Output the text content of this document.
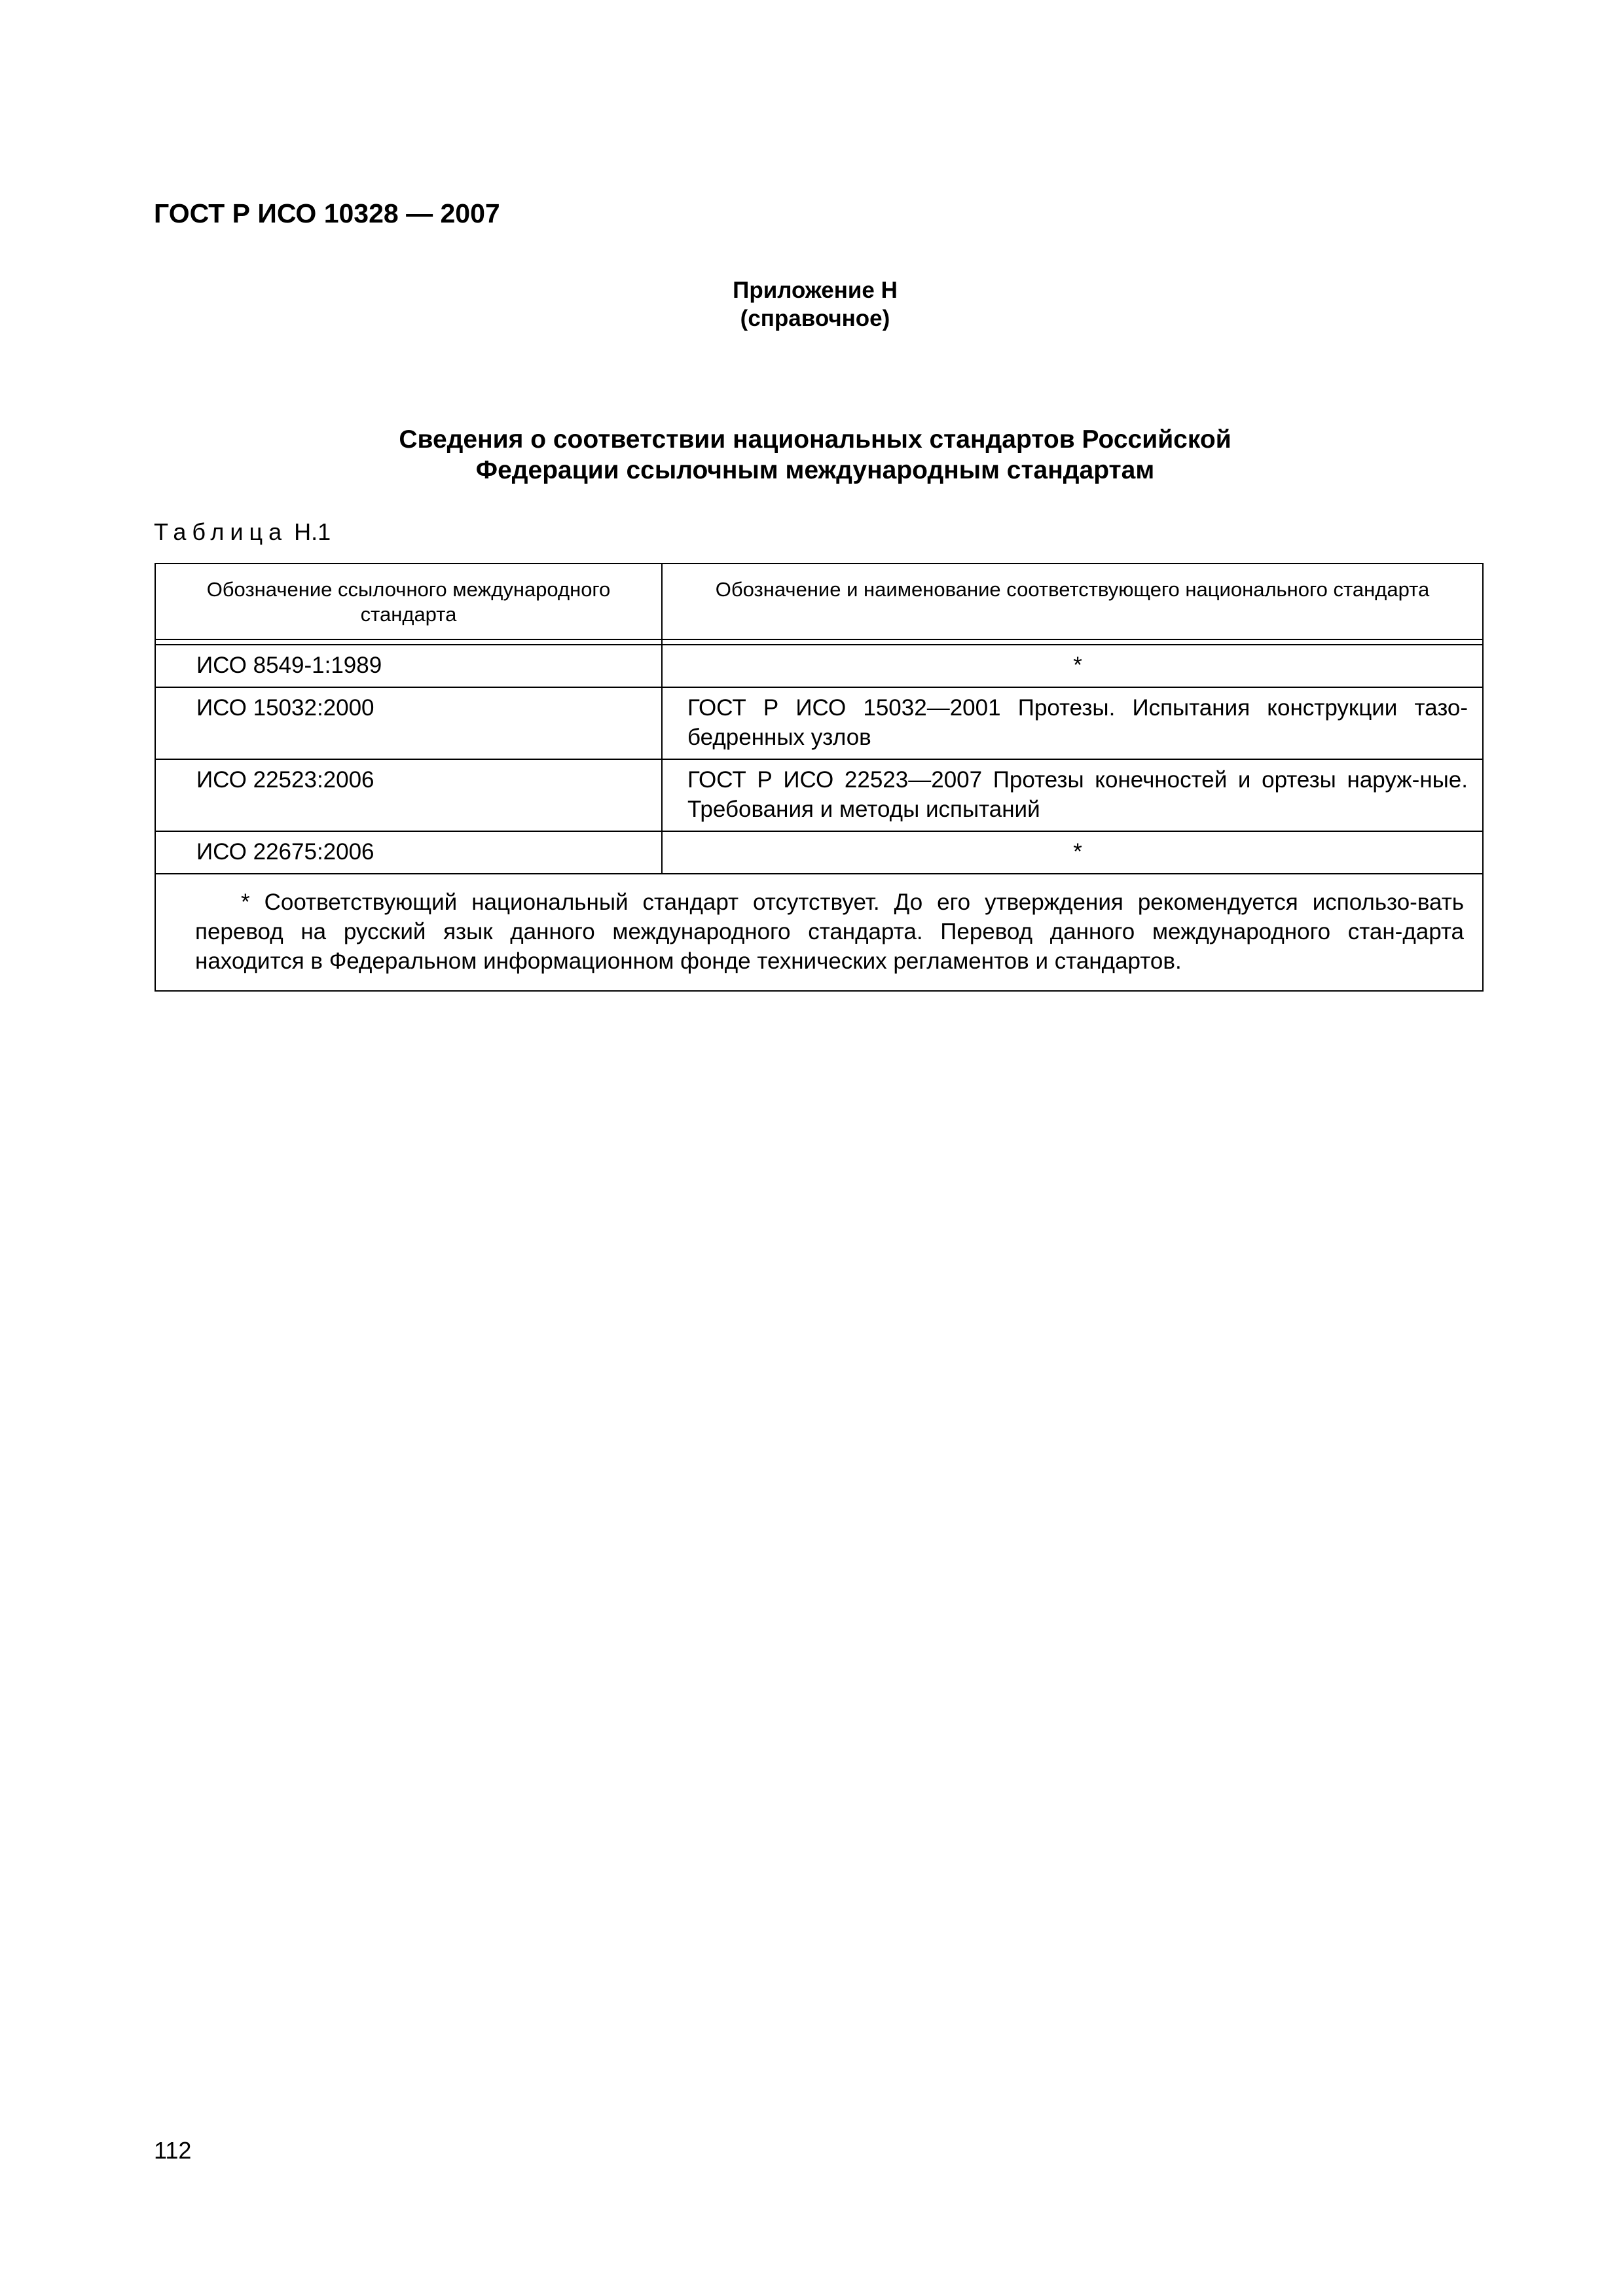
ГОСТ Р ИСО 10328 — 2007
Приложение Н
(справочное)
Сведения о соответствии национальных стандартов Российской
Федерации ссылочным международным стандартам
Таблица Н.1
Обозначение ссылочного международного стандарта	Обозначение и наименование соответствующего национального стандарта

ИСО 8549-1:1989	*
ИСО 15032:2000	ГОСТ Р ИСО 15032—2001 Протезы. Испытания конструкции тазо-бедренных узлов
ИСО 22523:2006	ГОСТ Р ИСО 22523—2007 Протезы конечностей и ортезы наруж-ные. Требования и методы испытаний
ИСО 22675:2006	*
* Соответствующий национальный стандарт отсутствует. До его утверждения рекомендуется использо-вать перевод на русский язык данного международного стандарта. Перевод данного международного стан-дарта находится в Федеральном информационном фонде технических регламентов и стандартов.	
112
